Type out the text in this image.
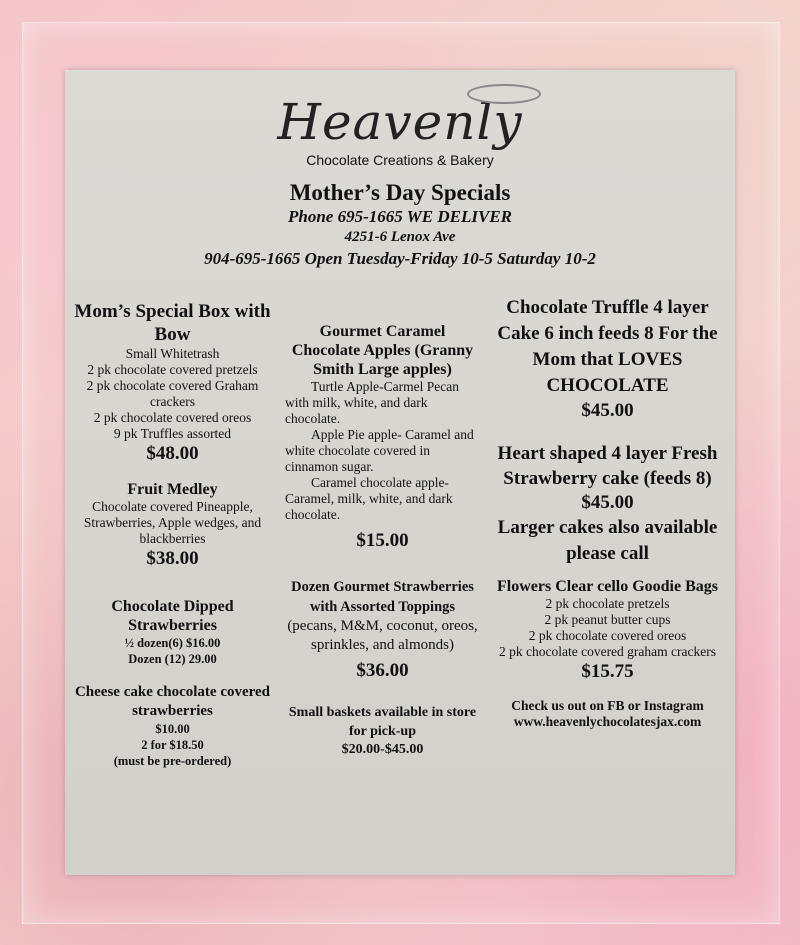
Heavenly
Chocolate Creations & Bakery
Mother’s Day Specials
Phone 695-1665 WE DELIVER
4251-6 Lenox Ave
904-695-1665 Open Tuesday-Friday 10-5 Saturday 10-2
Mom’s Special Box with Bow
Small Whitetrash
2 pk chocolate covered pretzels
2 pk chocolate covered Graham crackers
2 pk chocolate covered oreos
9 pk Truffles assorted
$48.00
Fruit Medley
Chocolate covered Pineapple, Strawberries, Apple wedges, and blackberries
$38.00
Chocolate Dipped Strawberries
½ dozen(6) $16.00
Dozen (12) 29.00
Cheese cake chocolate covered strawberries
$10.00
2 for $18.50
(must be pre-ordered)
Gourmet Caramel Chocolate Apples (Granny Smith Large apples)
Turtle Apple-Carmel Pecan with milk, white, and dark chocolate.
Apple Pie apple- Caramel and white chocolate covered in cinnamon sugar.
Caramel chocolate apple-Caramel, milk, white, and dark chocolate.
$15.00
Dozen Gourmet Strawberries with Assorted Toppings
(pecans, M&M, coconut, oreos, sprinkles, and almonds)
$36.00
Small baskets available in store for pick-up
$20.00-$45.00
Chocolate Truffle 4 layer Cake 6 inch feeds 8 For the Mom that LOVES CHOCOLATE
$45.00
Heart shaped 4 layer Fresh Strawberry cake (feeds 8)
$45.00
Larger cakes also available please call
Flowers Clear cello Goodie Bags
2 pk chocolate pretzels
2 pk peanut butter cups
2 pk chocolate covered oreos
2 pk chocolate covered graham crackers
$15.75
Check us out on FB or Instagram
www.heavenlychocolatesjax.com
